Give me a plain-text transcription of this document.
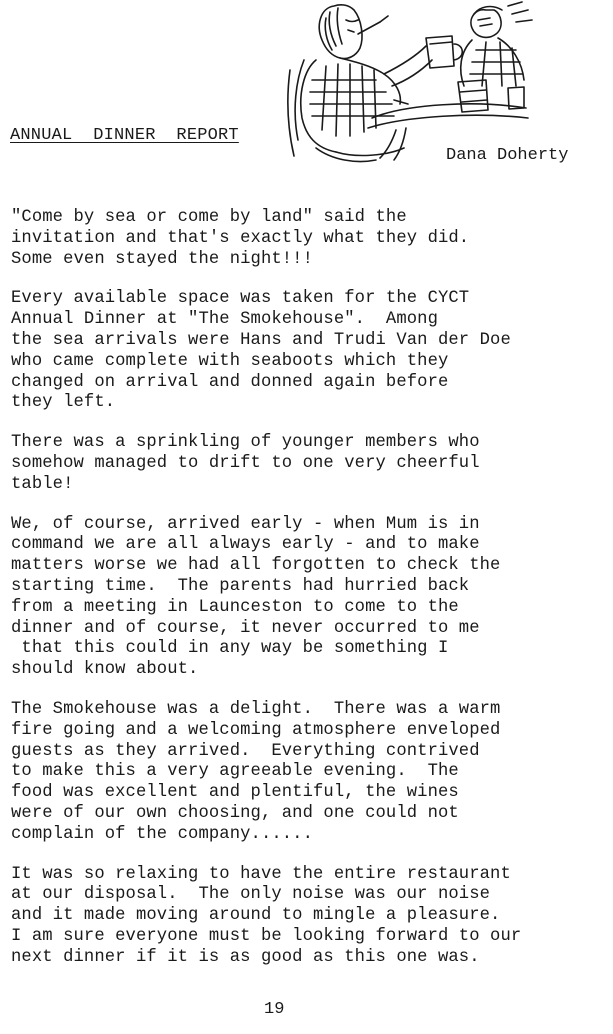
ANNUAL  DINNER  REPORT
Dana Doherty
"Come by sea or come by land" said the
invitation and that's exactly what they did.
Some even stayed the night!!!
Every available space was taken for the CYCT
Annual Dinner at "The Smokehouse".  Among
the sea arrivals were Hans and Trudi Van der Doe
who came complete with seaboots which they
changed on arrival and donned again before
they left.
There was a sprinkling of younger members who
somehow managed to drift to one very cheerful
table!
We, of course, arrived early - when Mum is in
command we are all always early - and to make
matters worse we had all forgotten to check the
starting time.  The parents had hurried back
from a meeting in Launceston to come to the
dinner and of course, it never occurred to me
that this could in any way be something I
should know about.
The Smokehouse was a delight.  There was a warm
fire going and a welcoming atmosphere enveloped
guests as they arrived.  Everything contrived
to make this a very agreeable evening.  The
food was excellent and plentiful, the wines
were of our own choosing, and one could not
complain of the company......
It was so relaxing to have the entire restaurant
at our disposal.  The only noise was our noise
and it made moving around to mingle a pleasure.
I am sure everyone must be looking forward to our
next dinner if it is as good as this one was.
19
